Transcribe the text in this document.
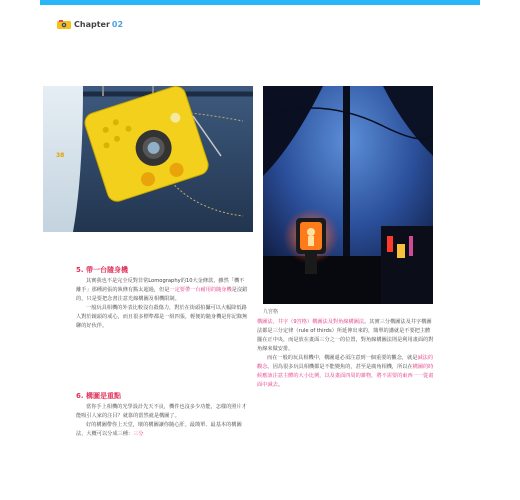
Chapter 02
38
九宮格
5. 帶一台隨身機

其實我也不是完全反對非常Lomography的10大金條款，雖然「機不離手」那種誇張的執條有點太超過，但是一定要帶一台耐用的隨身機是沒錯的，只是要把念書注意光線構圖及相機限制。

一般玩具相機的外表比較沒有殺傷力，對於在街頭拍攝可以大幅降低路人對於鏡頭的戒心，而且很多標準都是一組四張，輕便的隨身機是你記錄無聊的好伙伴。

6. 構圖是重點

當你手上相機的光學設計先天不良，機件也沒多少功能，怎樣的照片才能吸引人家的注目？就靠的當然就是構圖了。

好的構圖帶你上天堂，壞的構圖讓你隨心肝。最簡單、最基本的構圖法，大概可以分成三種：三分

構圖法、井字（9宮格）構圖法及對角線構圖法。其實三分構圖法及井字構圖法都是三分定律（rule of thirds）所延伸出來的，簡單的講就是不要把主體擺在正中央，而是放在畫面三分之一的位置，對角線構圖法則是利用畫面的對角線來做安排。

而在一般的玩具相機中，構圖還必須注意到一個重要的觀念，就是減法的觀念。因為很多玩具相機都是不能變焦的，甚至是廣角相機，所以在構圖的時候應該注意主體的大小比例，以及畫面四周的雜物，將不需要的東西一一從畫面中減去。
